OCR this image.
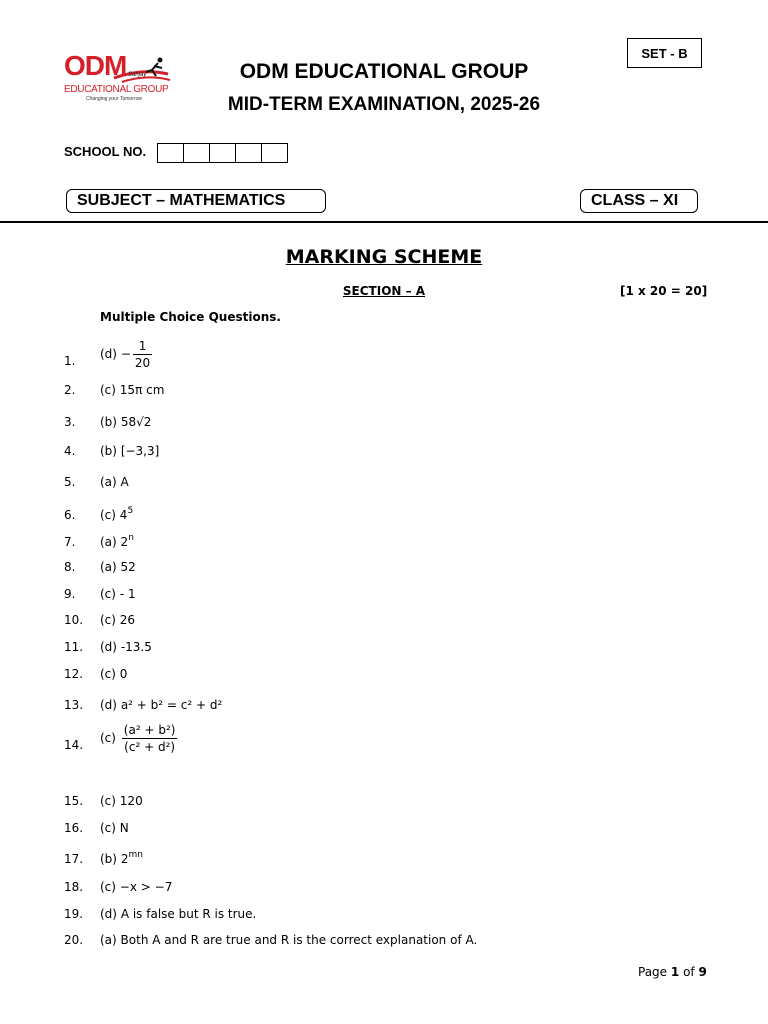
ODM Sanjay
EDUCATIONAL GROUP
Changing your Tomorrow
ODM EDUCATIONAL GROUP
MID-TERM EXAMINATION, 2025-26
SET - B
SCHOOL NO.
SUBJECT – MATHEMATICS	CLASS – XI
MARKING SCHEME
SECTION – A	[1 x 20 = 20]
Multiple Choice Questions.
1. $(d) - \frac{1}{20}$
2. (c) 15π cm
3. (b) 58√2
4. (b) [−3,3]
5. (a) A
6. (c) $4^5$
7. (a) 2$^n$
8. (a) 52
9. (c) - 1
10. (c) 26
11. (d) -13.5
12. (c) 0
13. (d) a² + b² = c² + d²
14. $(c) \frac{\text{(a² + b²)}}{\text{(c² + d²)}}$
15. (c) 120
16. (c) N
17. (b) $2^{mn}$
18. (c) −x > −7
19. (d) A is false but R is true.
20. (a) Both A and R are true and R is the correct explanation of A.
Page 1 of 9
